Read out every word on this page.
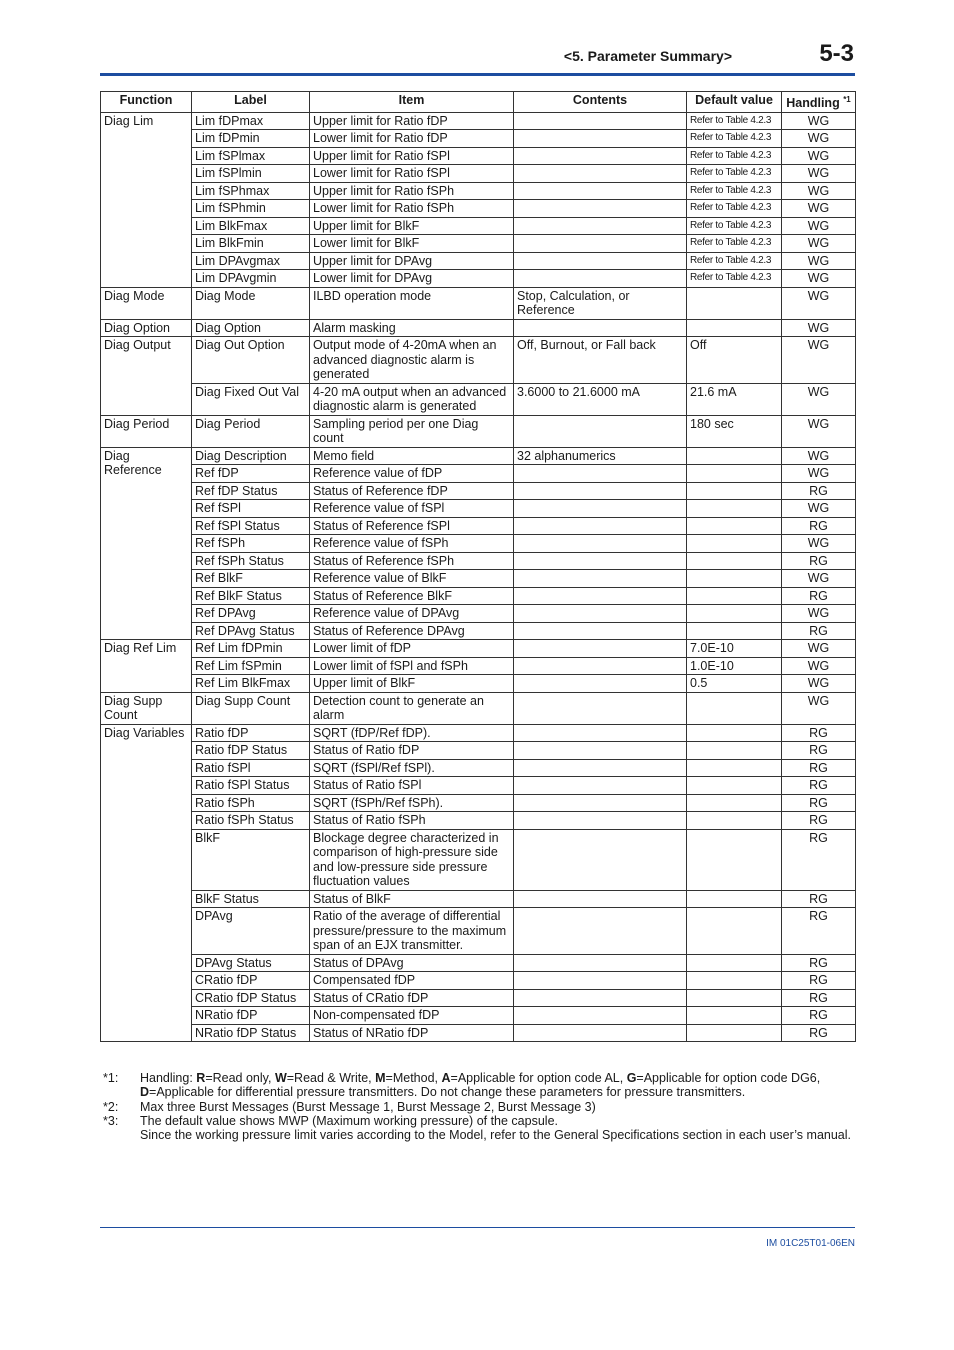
<5. Parameter Summary>	5-3
Function	Label	Item	Contents	Default value	Handling $^{*1}$
Diag Lim	Lim fDPmax	Upper limit for Ratio fDP		Refer to Table 4.2.3	WG
	Lim fDPmin	Lower limit for Ratio fDP		Refer to Table 4.2.3	WG
	Lim fSPlmax	Upper limit for Ratio fSPl		Refer to Table 4.2.3	WG
	Lim fSPlmin	Lower limit for Ratio fSPl		Refer to Table 4.2.3	WG
	Lim fSPhmax	Upper limit for Ratio fSPh		Refer to Table 4.2.3	WG
	Lim fSPhmin	Lower limit for Ratio fSPh		Refer to Table 4.2.3	WG
	Lim BlkFmax	Upper limit for BlkF		Refer to Table 4.2.3	WG
	Lim BlkFmin	Lower limit for BlkF		Refer to Table 4.2.3	WG
	Lim DPAvgmax	Upper limit for DPAvg		Refer to Table 4.2.3	WG
	Lim DPAvgmin	Lower limit for DPAvg		Refer to Table 4.2.3	WG
Diag Mode	Diag Mode	ILBD operation mode	Stop, Calculation, or Reference		WG
Diag Option	Diag Option	Alarm masking			WG
Diag Output	Diag Out Option	Output mode of 4-20mA when an advanced diagnostic alarm is generated	Off, Burnout, or Fall back	Off	WG
	Diag Fixed Out Val	4-20 mA output when an advanced diagnostic alarm is generated	3.6000 to 21.6000 mA	21.6 mA	WG
Diag Period	Diag Period	Sampling period per one Diag count		180 sec	WG
Diag Reference	Diag Description	Memo field	32 alphanumerics		WG
	Ref fDP	Reference value of fDP			WG
	Ref fDP Status	Status of Reference fDP			RG
	Ref fSPl	Reference value of fSPl			WG
	Ref fSPl Status	Status of Reference fSPl			RG
	Ref fSPh	Reference value of fSPh			WG
	Ref fSPh Status	Status of Reference fSPh			RG
	Ref BlkF	Reference value of BlkF			WG
	Ref BlkF Status	Status of Reference BlkF			RG
	Ref DPAvg	Reference value of DPAvg			WG
	Ref DPAvg Status	Status of Reference DPAvg			RG
Diag Ref Lim	Ref Lim fDPmin	Lower limit of fDP		7.0E-10	WG
	Ref Lim fSPmin	Lower limit of fSPl and fSPh		1.0E-10	WG
	Ref Lim BlkFmax	Upper limit of BlkF		0.5	WG
Diag Supp Count	Diag Supp Count	Detection count to generate an alarm			WG
Diag Variables	Ratio fDP	SQRT (fDP/Ref fDP).			RG
	Ratio fDP Status	Status of Ratio fDP			RG
	Ratio fSPl	SQRT (fSPl/Ref fSPl).			RG
	Ratio fSPl Status	Status of Ratio fSPl			RG
	Ratio fSPh	SQRT (fSPh/Ref fSPh).			RG
	Ratio fSPh Status	Status of Ratio fSPh			RG
	BlkF	Blockage degree characterized in comparison of high-pressure side and low-pressure side pressure fluctuation values			RG
	BlkF Status	Status of BlkF			RG
	DPAvg	Ratio of the average of differential pressure/pressure to the maximum span of an EJX transmitter.			RG
	DPAvg Status	Status of DPAvg			RG
	CRatio fDP	Compensated fDP			RG
	CRatio fDP Status	Status of CRatio fDP			RG
	NRatio fDP	Non-compensated fDP			RG
	NRatio fDP Status	Status of NRatio fDP			RG
*1: Handling: R=Read only, W=Read & Write, M=Method, A=Applicable for option code AL, G=Applicable for option code DG6,
D=Applicable for differential pressure transmitters. Do not change these parameters for pressure transmitters.
*2: Max three Burst Messages (Burst Message 1, Burst Message 2, Burst Message 3)
*3: The default value shows MWP (Maximum working pressure) of the capsule.
Since the working pressure limit varies according to the Model, refer to the General Specifications section in each user’s manual.
IM 01C25T01-06EN
